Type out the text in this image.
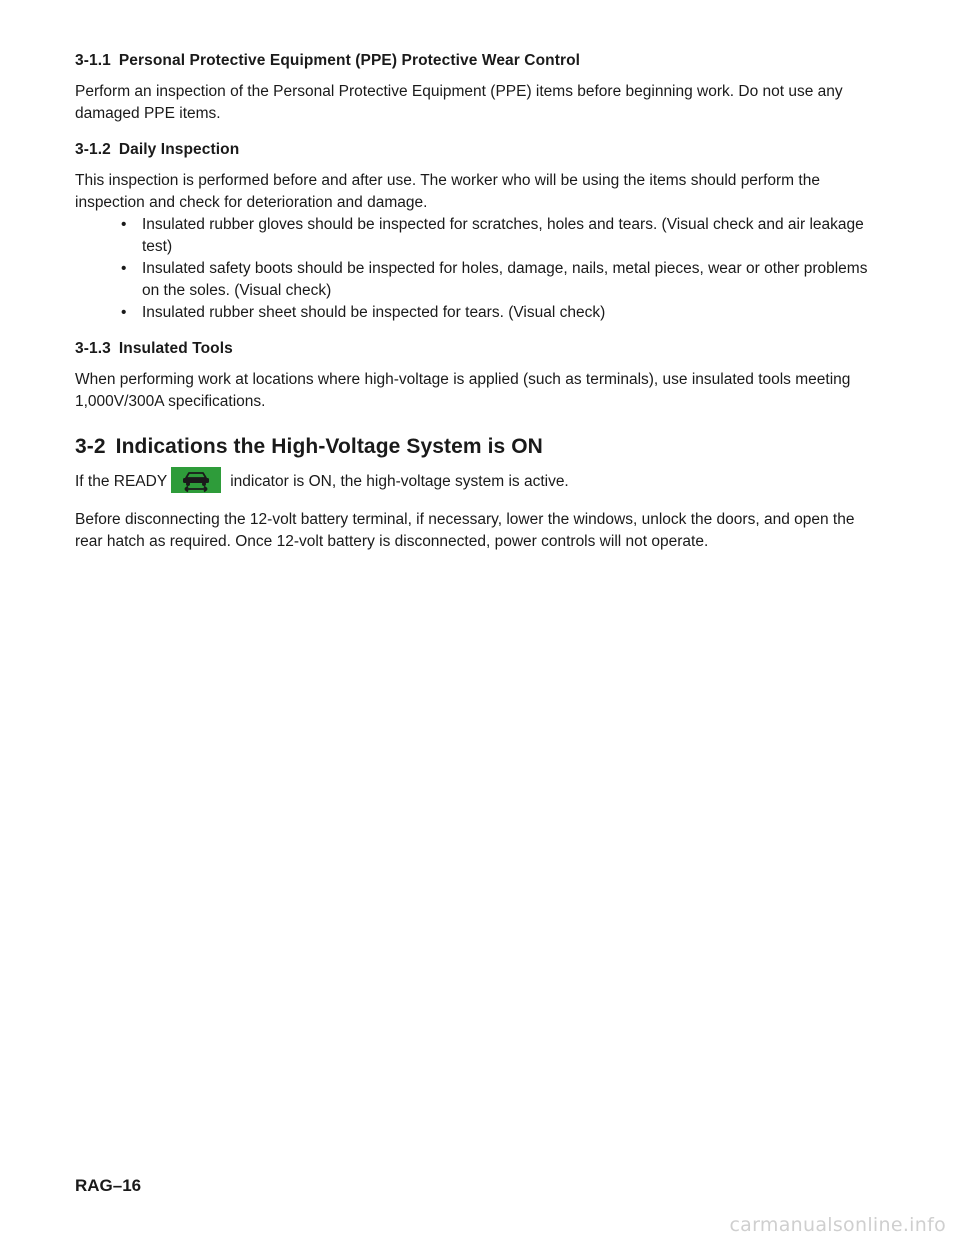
3-1.1 Personal Protective Equipment (PPE) Protective Wear Control

Perform an inspection of the Personal Protective Equipment (PPE) items before beginning work. Do not use any damaged PPE items.

3-1.2 Daily Inspection

This inspection is performed before and after use. The worker who will be using the items should perform the inspection and check for deterioration and damage.

• Insulated rubber gloves should be inspected for scratches, holes and tears. (Visual check and air leakage test)
• Insulated safety boots should be inspected for holes, damage, nails, metal pieces, wear or other problems on the soles. (Visual check)
• Insulated rubber sheet should be inspected for tears. (Visual check)
3-1.3 Insulated Tools

When performing work at locations where high-voltage is applied (such as terminals), use insulated tools meeting 1,000V/300A specifications.

3-2 Indications the High-Voltage System is ON

If the READY	indicator is ON, the high-voltage system is active.

Before disconnecting the 12-volt battery terminal, if necessary, lower the windows, unlock the doors, and open the rear hatch as required. Once 12-volt battery is disconnected, power controls will not operate.

RAG–16
carmanualsonline.info
